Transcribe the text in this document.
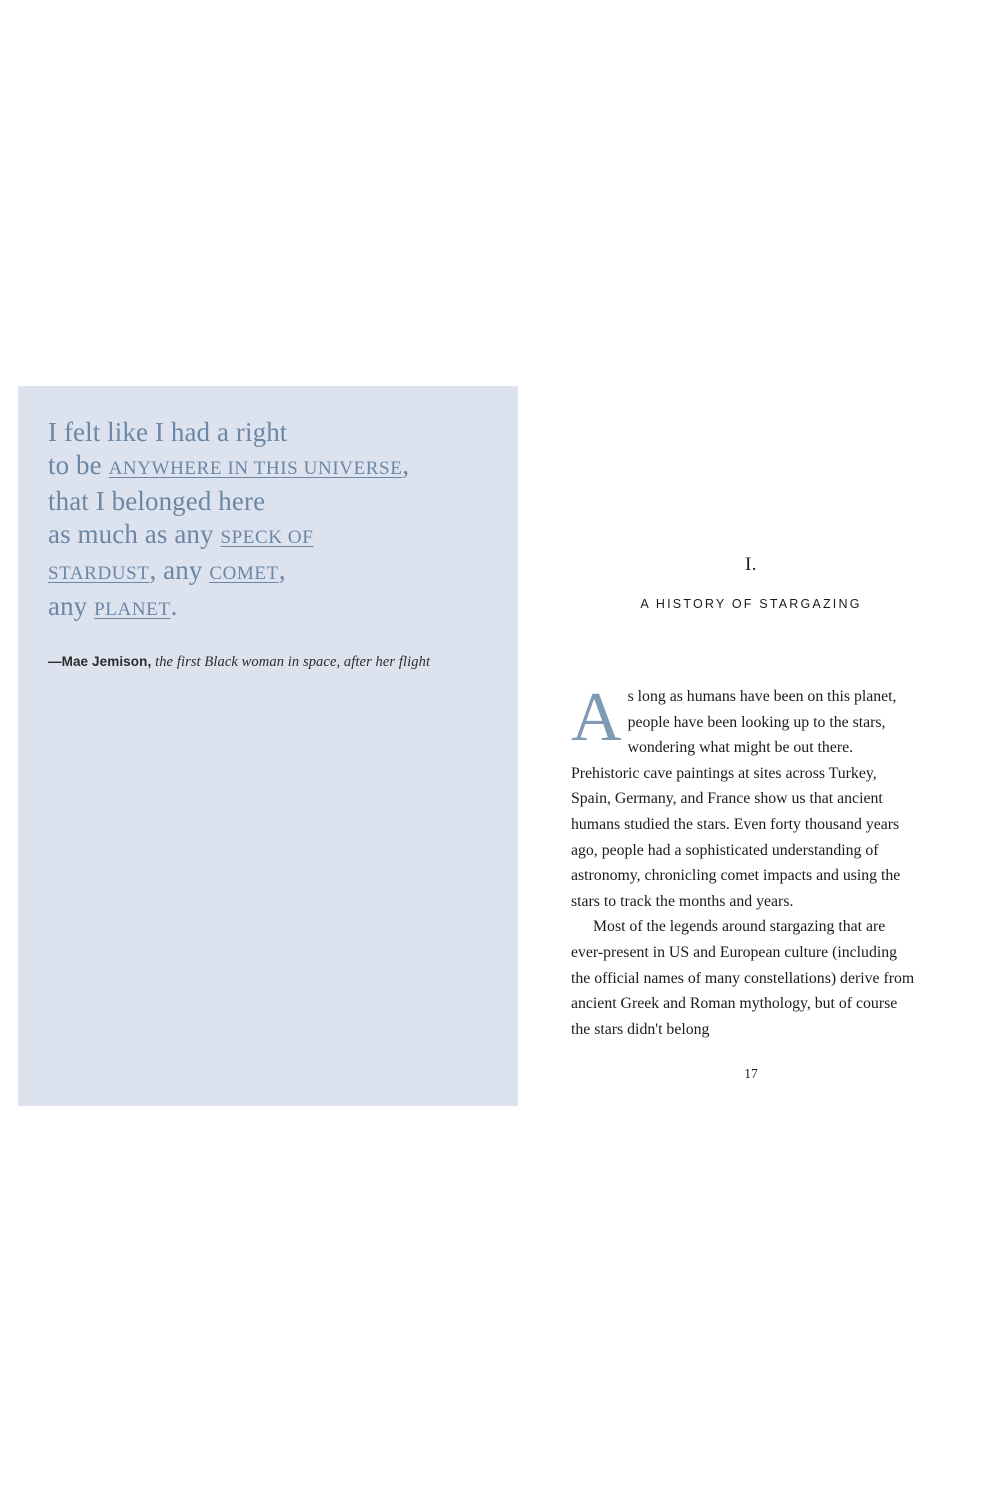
I felt like I had a right
to be ANYWHERE IN THIS UNIVERSE,
that I belonged here
as much as any SPECK OF
STARDUST, any COMET,
any PLANET.
—Mae Jemison, the first Black woman in space, after her flight
I.
A HISTORY OF STARGAZING

As long as humans have been on this planet, people have been looking up to the stars, wondering what might be out there. Prehistoric cave paintings at sites across Turkey, Spain, Germany, and France show us that ancient humans studied the stars. Even forty thousand years ago, people had a sophisticated understanding of astronomy, chronicling comet impacts and using the stars to track the months and years.

Most of the legends around stargazing that are ever-present in US and European culture (including the official names of many constellations) derive from ancient Greek and Roman mythology, but of course the stars didn't belong

17
